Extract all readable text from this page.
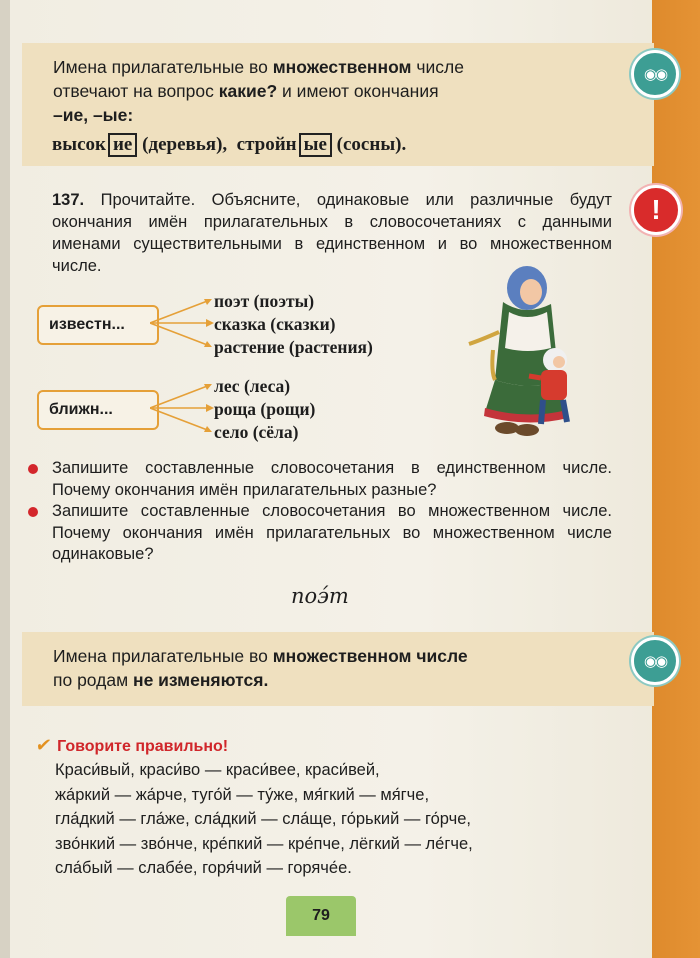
Имена прилагательные во множественном числе
отвечают на вопрос какие? и имеют окончания
–ие, –ые:
высок ие (деревья), стройн ые (сосны).
◉◉
!
137. Прочитайте. Объясните, одинаковые или различные будут окончания имён прилагательных в словосочетаниях с данными именами существительными в единственном и во множественном числе.
известн...
поэт (поэты)
сказка (сказки)
растение (растения)
ближн...
лес (леса)
роща (рощи)
село (сёла)
Запишите составленные словосочетания в единственном числе. Почему окончания имён прилагательных разные?
Запишите составленные словосочетания во множественном числе. Почему окончания имён прилагательных во множественном числе одинаковые?
поэ́т
Имена прилагательные во множественном числе
по родам не изменяются.
◉◉
✔ Говорите правильно!
Краси́вый, краси́во — краси́вее, краси́вей,
жа́ркий — жа́рче, туго́й — ту́же, мя́гкий — мя́гче,
гла́дкий — гла́же, сла́дкий — сла́ще, го́рький — го́рче,
зво́нкий — зво́нче, кре́пкий — кре́пче, лёгкий — ле́гче,
сла́бый — слабе́е, горя́чий — горяче́е.
79
